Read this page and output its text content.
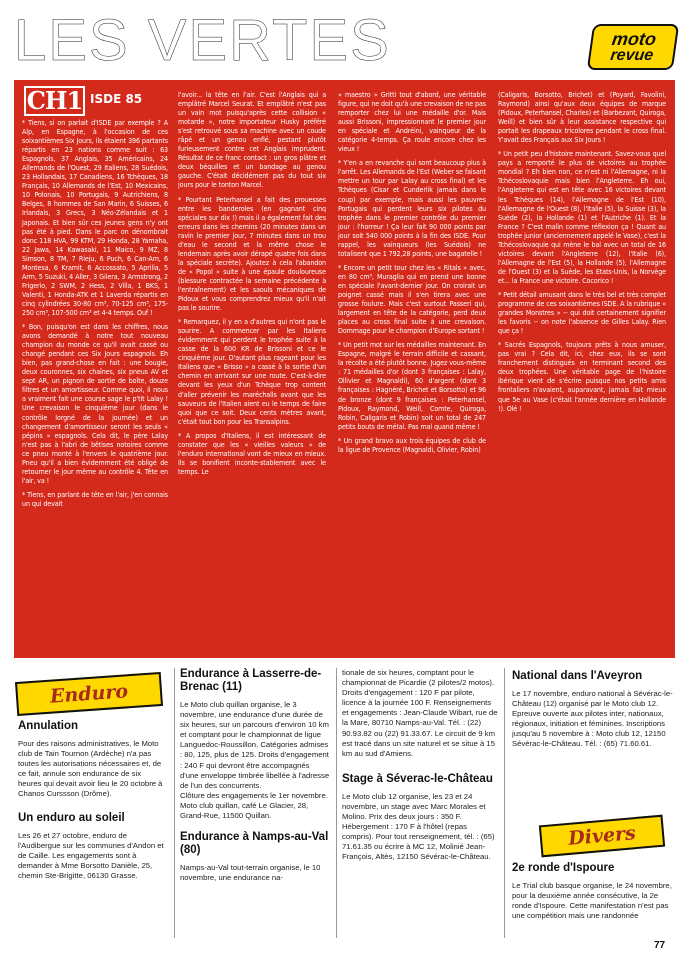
LES VERTES	moto
revue
CH1 ISDE 85

* Tiens, si on parlait d'ISDE par exemple ? A Alp, en Espagne, à l'occasion de ces soixantièmes Six Jours, ils étaient 396 partants répartis en 23 nations comme suit : 63 Espagnols, 37 Anglais, 35 Américains, 24 Allemands de l'Ouest, 29 Italiens, 28 Suédois, 23 Hollandais, 17 Canadiens, 16 Tchèques, 18 Français, 10 Allemands de l'Est, 10 Mexicains, 10 Polonais, 10 Portugais, 9 Autrichiens, 8 Belges, 8 hommes de San Marin, 6 Suisses, 6 Irlandais, 3 Grecs, 3 Néo-Zélandais et 1 Japonais. Et bien sûr ces jeunes gens n'y ont pas été à pied. Dans le parc on dénombrait donc 118 HVA, 99 KTM, 29 Honda, 28 Yamaha, 22 Jawa, 14 Kawasaki, 11 Maico, 9 MZ, 8 Simson, 8 TM, 7 Rieju, 6 Puch, 6 Can-Am, 6 Montesa, 6 Kramit, 6 Accossato, 5 Aprilia, 5 Arm, 5 Suzuki, 4 Aller, 3 Gilera, 3 Armstrong, 2 Frigerio, 2 SWM, 2 Hess, 2 Villa, 1 BKS, 1 Valenti, 1 Honda-ATK et 1 Laverda répartis en cinq cylindrées 30-80 cm³, 70-125 cm³, 175-250 cm³, 107-500 cm³ et 4-4 temps. Ouf !

* Bon, puisqu'on est dans les chiffres, nous avons demandé à notre tout nouveau champion du monde ce qu'il avait cassé ou changé pendant ces Six Jours espagnols. Eh bien, pas grand-chose en fait : une bougie, deux couronnes, six chaînes, six pneus AV et sept AR, un pignon de sortie de boîte, douze filtres et un amortisseur. Comme quoi, il nous a vraiment fait une course sage le p'tit Lalay ! Une crevaison le cinquième jour (dans le contrôle lorgné de la journée) et un changement d'amortisseur seront les seuls « pépins » espagnols. Cela dit, le père Lalay n'est pas à l'abri de bêtises notoires comme ce pneu monté à l'envers le quatrième jour. Pneu qu'il a bien évidemment été obligé de retourner le jour même au contrôle 4. Tête en l'air, va !

* Tiens, en parlant de tête en l'air, j'en connais un qui devait

l'avoir... la tête en l'air. C'est l'Anglais qui a emplâtré Marcel Seurat. Et emplâtré n'est pas un vain mot puisqu'après cette collision « motarde », notre importateur Husky préféré s'est retrouvé sous sa machine avec un coude râpé et un genou enflé, pestant plutôt furieusement contre cet Anglais imprudent. Résultat de ce franc contact : un gros plâtre et deux béquilles et un bandage au genou gauche. C'était décidément pas du tout six jours pour le tonton Marcel.

* Pourtant Peterhansel a fait des prouesses entre les banderoles (en gagnant cinq spéciales sur dix !) mais il a également fait des erreurs dans les chemins (20 minutes dans un ravin le premier jour, 7 minutes dans un trou d'eau le second et la même chose le lendemain après avoir dérapé quatre fois dans la spéciale secrète). Ajoutez à cela l'abandon de « Popol » suite à une épaule douloureuse (blessure contractée la semaine précédente à l'entraînement) et les saouls mécaniques de Pidoux et vous comprendrez mieux qu'il n'ait pas le sourire.

* Remarquez, il y en a d'autres qui n'ont pas le sourire. A commencer par les Italiens évidemment qui perdent le trophée suite à la casse de la 600 KR de Brissoni et ce le cinquième jour. D'autant plus rageant pour les Italiens que « Brisso » a cassé à la sortie d'un chemin en arrivant sur une route. C'est-à-dire devant les yeux d'un Tchèque trop content d'aller prévenir les maréchalls avant que les sauveurs de l'Italien aient eu le temps de faire quoi que ce soit. Deux cents mètres avant, c'était tout bon pour les Transalpins.

* A propos d'Italiens, il est intéressant de constater que les « vieilles valeurs » de l'enduro international vont de mieux en mieux. Ils se bonifient inconte-stablement avec le temps. Le

« maestro » Gritti tout d'abord, une véritable figure, qui ne doit qu'à une crevaison de ne pas remporter chez lui une médaille d'or. Mais aussi Brissoni, impressionnant le premier jour en spéciale et Andréini, vainqueur de la catégorie 4-temps. Ça roule encore chez les vieux !

* Y'en a en revanche qui sont beaucoup plus à l'arrêt. Les Allemands de l'Est (Weber se faisant mettre un tour par Lalay au cross final) et les Tchèques (Cisar et Cunderlik jamais dans le coup) par exemple, mais aussi les pauvres Portugais qui perdent leurs six pilotes du trophée dans le premier contrôle du premier jour : l'horreur ! Ça leur fait 90 000 points par jour soit 540 000 points à la fin des ISDE. Pour rappel, les vainqueurs (les Suédois) ne totalisent que 1 792,28 points, une bagatelle !

* Encore un petit tour chez les « Ritals » avec, en 80 cm³, Muraglia qui en prend une bonne en spéciale l'avant-dernier jour. On croirait un poignet cassé mais il s'en tirera avec une grosse foulure. Mais c'est surtout Passeri qui, largement en tête de la catégorie, perd deux places au cross final suite à une crevaison. Dommage pour le champion d'Europe sortant !

* Un petit mot sur les médailles maintenant. En Espagne, malgré le terrain difficile et cassant, la récolte a été plutôt bonne. Jugez vous-même : 71 médailles d'or (dont 3 françaises : Lalay, Ollivier et Magnaldi), 60 d'argent (dont 3 françaises : Hagnéré, Brichet et Borsotto) et 96 de bronze (dont 9 françaises : Peterhansel, Pidoux, Raymond, Weill, Comte, Quiroga, Robin, Caligaris et Robin) soit un total de 247 petits bouts de métal. Pas mal quand même !

* Un grand bravo aux trois équipes de club de la ligue de Provence (Magnaldi, Olivier, Robin)

(Caligaris, Borsotto, Brichet) et (Poyard, Favolini, Raymond) ainsi qu'aux deux équipes de marque (Pidoux, Peterhansel, Charles) et (Barbezant, Quiroga, Weill) et bien sûr à leur assistance respective qui portait les drapeaux tricolores pendant le cross final. Y'avait des Français aux Six Jours !

* Un petit peu d'histoire maintenant. Savez-vous quel pays a remporté le plus de victoires au trophée mondial ? Eh bien non, ce n'est ni l'Allemagne, ni la Tchécoslovaquie mais bien l'Angleterre. Eh oui, l'Angleterre qui est en tête avec 16 victoires devant les Tchèques (14), l'Allemagne de l'Est (10), l'Allemagne de l'Ouest (8), l'Italie (5), la Suisse (3), la Suède (2), la Hollande (1) et l'Autriche (1). Et la France ? C'est malin comme réflexion ça ! Quant au trophée junior (anciennement appelé le Vase), c'est la Tchécoslovaquie qui mène le bal avec un total de 16 victoires devant l'Angleterre (12), l'Italie (6), l'Allemagne de l'Est (5), la Hollande (5), l'Allemagne de l'Ouest (3) et la Suède, les Etats-Unis, la Norvège et... la France une victoire. Cocorico !

* Petit détail amusant dans le très bel et très complet programme de ces soixantièmes ISDE. A la rubrique « grandes Monstres » -- qui doit certainement signifier les favoris -- on note l'absence de Gilles Lalay. Rien que ça !

* Sacrés Espagnols, toujours prêts à nous amuser, pas vrai ? Cela dit, ici, chez eux, ils se sont franchement distingués en terminant second des deux trophées. Une véritable page de l'histoire ibérique vient de s'écrire puisque nos petits amis frontaliers n'avaient, auparavant, jamais fait mieux que 5e au Vase (c'était l'année dernière en Hollande !). Olé !

Enduro
Annulation

Pour des raisons administratives, le Moto club de Tain Tournon (Ardèche) n'a pas toutes les autorisations nécessaires et, de ce fait, annule son endurance de six heures qui devait avoir lieu le 20 octobre à Chanos Curssson (Drôme).

Un enduro au soleil

Les 26 et 27 octobre, enduro de l'Audibergue sur les communes d'Andon et de Caille. Les engagements sont à demander à Mme Borsotto Danièle, 25, chemin Ste-Brigitte, 06130 Grasse.

Endurance à Lasserre-de-Brenac (11)

Le Moto club quillan organise, le 3 novembre, une endurance d'une durée de six heures, sur un parcours d'environ 10 km et comptant pour le championnat de ligue Languedoc-Roussillon. Catégories admises : 80, 125, plus de 125. Droits d'engagement : 240 F qui devront être accompagnés d'une enveloppe timbrée libellée à l'adresse de l'un des concurrents.

Clôture des engagements le 1er novembre.

Moto club quillan, café Le Glacier, 28, Grand-Rue, 11500 Quillan.

Endurance à Namps-au-Val (80)

Namps-au-Val tout-terrain organise, le 10 novembre, une endurance na-

tionale de six heures, comptant pour le championnat de Picardie (2 pilotes/2 motos). Droits d'engagement : 120 F par pilote, licence à la journée 100 F. Renseignements et engagements : Jean-Claude Wibart, rue de la Mare, 80710 Namps-au-Val. Tél. : (22) 90.93.82 ou (22) 91.33.67. Le circuit de 9 km est tracé dans un site naturel et se situe à 15 km au sud d'Amiens.

Stage à Séverac-le-Château

Le Moto club 12 organise, les 23 et 24 novembre, un stage avec Marc Morales et Molino. Prix des deux jours : 350 F. Hébergement : 170 F à l'hôtel (repas compris). Pour tout renseignement, tél. : (65) 71.61.35 ou écrire à MC 12, Molinié Jean-François, Altès, 12150 Sévérac-le-Château.

National dans l'Aveyron

Le 17 novembre, enduro national à Sévérac-le-Château (12) organisé par le Moto club 12. Epreuve ouverte aux pilotes inter, nationaux, régionaux, initiation et féminines. Inscriptions jusqu'au 5 novembre à : Moto club 12, 12150 Sévérac-le-Château. Tél. : (65) 71.60.61.

Divers
2e ronde d'Ispoure

Le Trial club basque organise, le 24 novembre, pour la deuxième année consécutive, la 2e ronde d'Ispoure. Cette manifestation n'est pas une compétition mais une randonnée

77
